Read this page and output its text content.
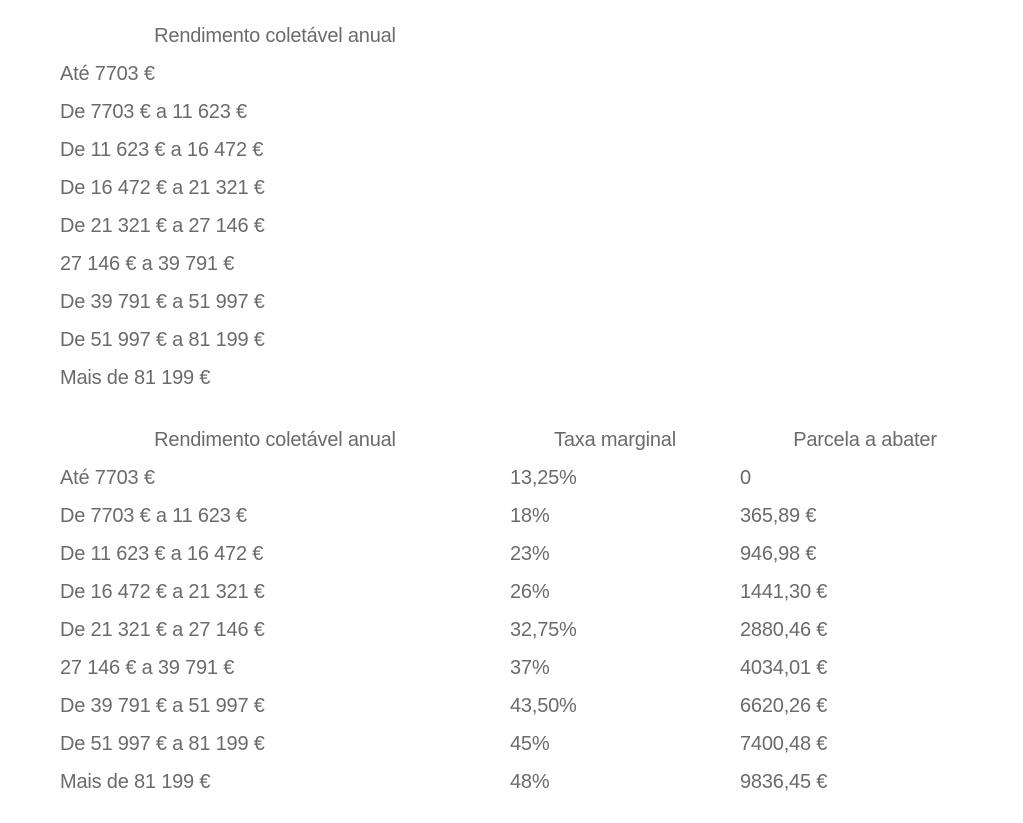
Rendimento coletável anual		
Até 7703 €		
De 7703 € a 11 623 €		
De 11 623 € a 16 472 €		
De 16 472 € a 21 321 €		
De 21 321 € a 27 146 €		
27 146 € a 39 791 €		
De 39 791 € a 51 997 €		
De 51 997 € a 81 199 €		
Mais de 81 199 €		
Rendimento coletável anual	Taxa marginal	Parcela a abater
Até 7703 €	13,25%	0
De 7703 € a 11 623 €	18%	365,89 €
De 11 623 € a 16 472 €	23%	946,98 €
De 16 472 € a 21 321 €	26%	1441,30 €
De 21 321 € a 27 146 €	32,75%	2880,46 €
27 146 € a 39 791 €	37%	4034,01 €
De 39 791 € a 51 997 €	43,50%	6620,26 €
De 51 997 € a 81 199 €	45%	7400,48 €
Mais de 81 199 €	48%	9836,45 €
